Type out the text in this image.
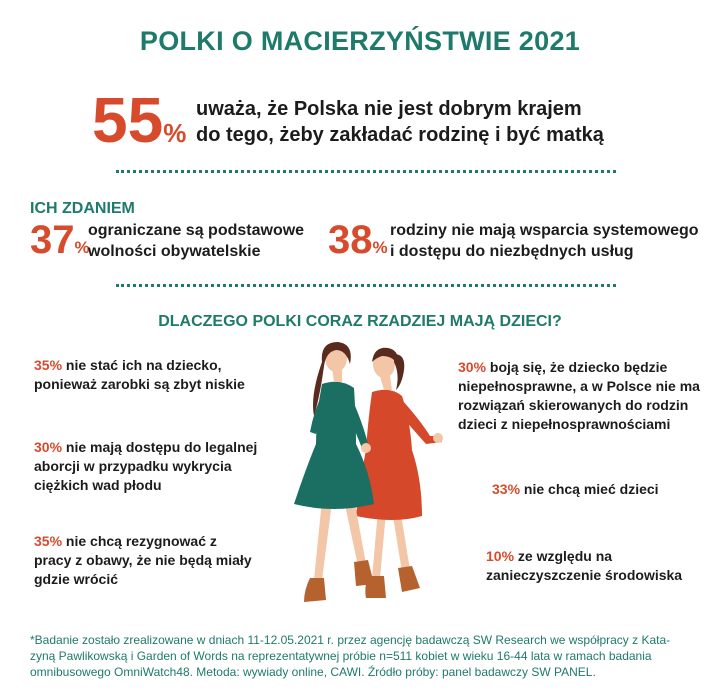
POLKI O MACIERZYŃSTWIE 2021
55%
uważa, że Polska nie jest dobrym krajem
do tego, żeby zakładać rodzinę i być matką
ICH ZDANIEM
37%
ograniczane są podstawowe
wolności obywatelskie	38%
rodziny nie mają wsparcia systemowego
i dostępu do niezbędnych usług
DLACZEGO POLKI CORAZ RZADZIEJ MAJĄ DZIECI?
35% nie stać ich na dziecko,
ponieważ zarobki są zbyt niskie
30% nie mają dostępu do legalnej
aborcji w przypadku wykrycia
ciężkich wad płodu
35% nie chcą rezygnować z
pracy z obawy, że nie będą miały
gdzie wrócić
30% boją się, że dziecko będzie
niepełnosprawne, a w Polsce nie ma
rozwiązań skierowanych do rodzin
dzieci z niepełnosprawnościami
33% nie chcą mieć dzieci
10% ze względu na
zanieczyszczenie środowiska
*Badanie zostało zrealizowane w dniach 11-12.05.2021 r. przez agencję badawczą SW Research we współpracy z Kata-
zyną Pawlikowską i Garden of Words na reprezentatywnej próbie n=511 kobiet w wieku 16-44 lata w ramach badania
omnibusowego OmniWatch48. Metoda: wywiady online, CAWI. Źródło próby: panel badawczy SW PANEL.
